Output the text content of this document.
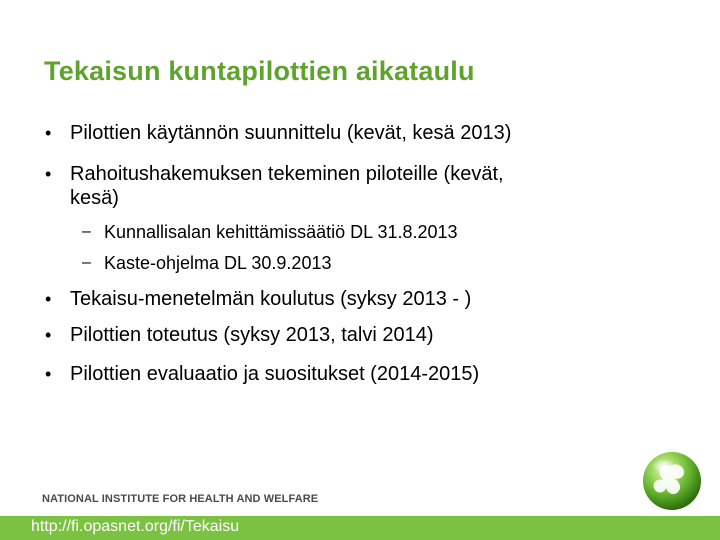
Tekaisun kuntapilottien aikataulu
• Pilottien käytännön suunnittelu (kevät, kesä 2013)
• Rahoitushakemuksen tekeminen piloteille (kevät,
kesä)
– Kunnallisalan kehittämissäätiö DL 31.8.2013
– Kaste-ohjelma DL 30.9.2013
• Tekaisu-menetelmän koulutus (syksy 2013 - )
• Pilottien toteutus (syksy 2013, talvi 2014)
• Pilottien evaluaatio ja suositukset (2014-2015)
NATIONAL INSTITUTE FOR HEALTH AND WELFARE
http://fi.opasnet.org/fi/Tekaisu
